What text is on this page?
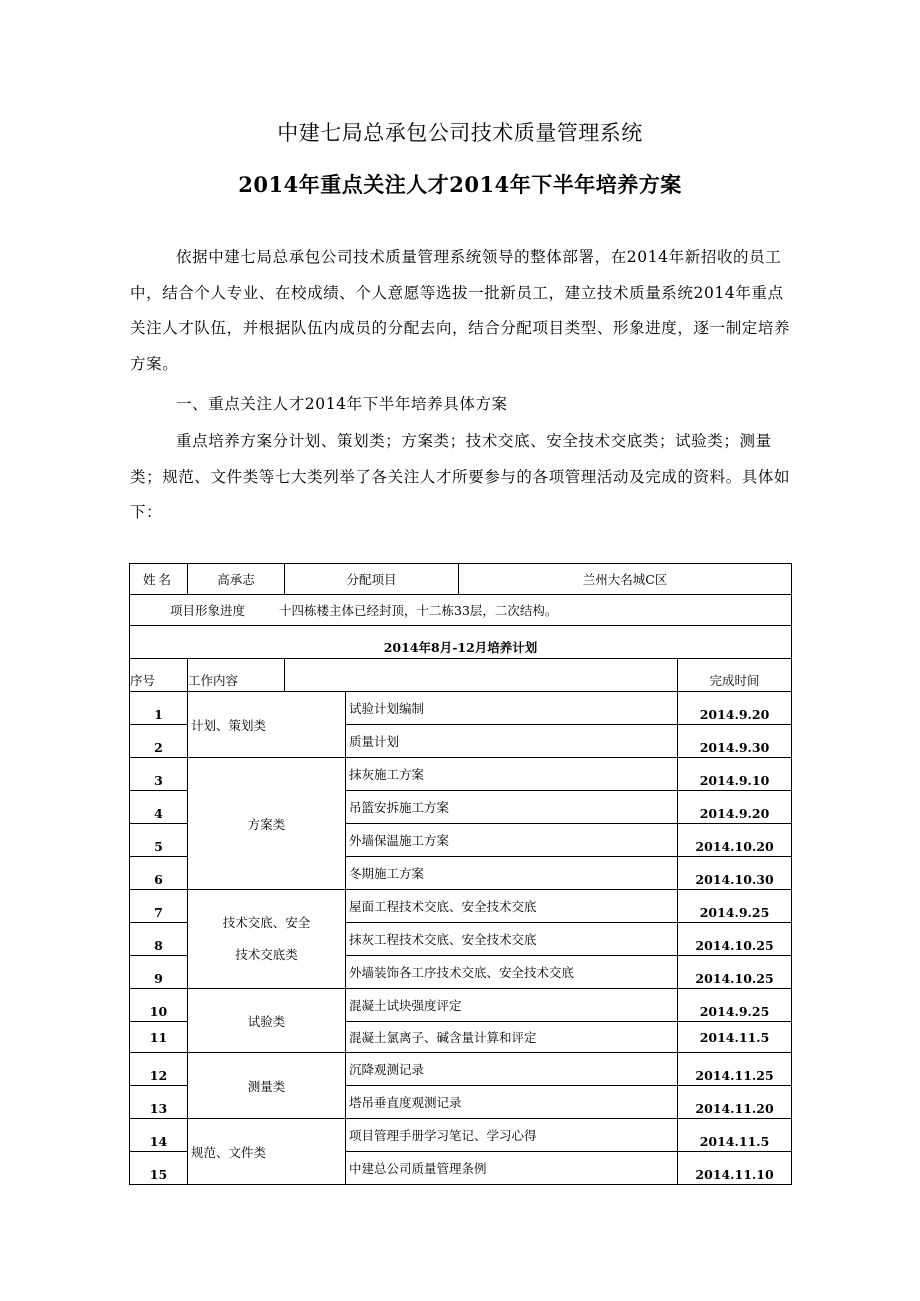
中建七局总承包公司技术质量管理系统
2014年重点关注人才2014年下半年培养方案
依据中建七局总承包公司技术质量管理系统领导的整体部署，在2014年新招收的员工中，结合个人专业、在校成绩、个人意愿等选拔一批新员工，建立技术质量系统2014年重点关注人才队伍，并根据队伍内成员的分配去向，结合分配项目类型、形象进度，逐一制定培养方案。
一、重点关注人才2014年下半年培养具体方案
重点培养方案分计划、策划类；方案类；技术交底、安全技术交底类；试验类；测量类；规范、文件类等七大类列举了各关注人才所要参与的各项管理活动及完成的资料。具体如下：
姓名	高承志	分配项目		兰州大名城C区		
项目形象进度 十四栋楼主体已经封顶，十二栋33层，二次结构。						
2014年8月-12月培养计划						
序号	工作内容				完成时间	
1	计划、策划类		试验计划编制		2014.9.20	
2			质量计划		2014.9.30	
3	方案类		抹灰施工方案		2014.9.10	
4			吊篮安拆施工方案		2014.9.20	
5			外墙保温施工方案		2014.10.20	
6			冬期施工方案		2014.10.30	
7	技术交底、安全
技术交底类		屋面工程技术交底、安全技术交底		2014.9.25	
8			抹灰工程技术交底、安全技术交底		2014.10.25	
9			外墙装饰各工序技术交底、安全技术交底		2014.10.25	
10	试验类		混凝土试块强度评定		2014.9.25	
11			混凝土氯离子、碱含量计算和评定		2014.11.5	
12	测量类		沉降观测记录		2014.11.25	
13			塔吊垂直度观测记录		2014.11.20	
14	规范、文件类		项目管理手册学习笔记、学习心得		2014.11.5	
15			中建总公司质量管理条例		2014.11.10	
